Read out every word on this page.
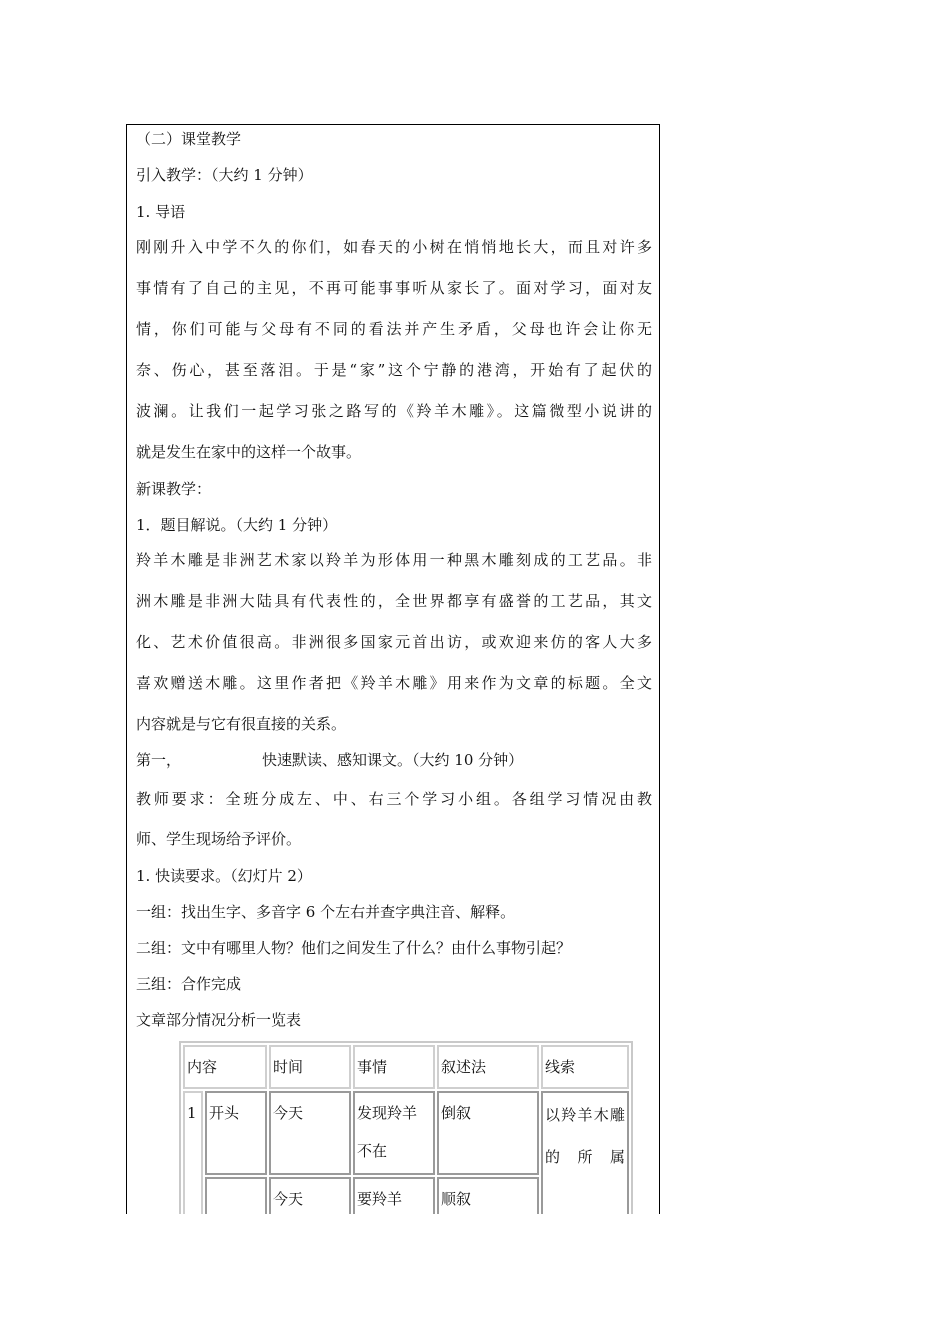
（二）课堂教学
引入教学：（大约 1 分钟）
1. 导语
刚刚升入中学不久的你们，如春天的小树在悄悄地长大，而且对许多
事情有了自己的主见，不再可能事事听从家长了。面对学习，面对友
情，你们可能与父母有不同的看法并产生矛盾，父母也许会让你无
奈、伤心，甚至落泪。于是“家”这个宁静的港湾，开始有了起伏的
波澜。让我们一起学习张之路写的《羚羊木雕》。这篇微型小说讲的
就是发生在家中的这样一个故事。
新课教学：
1．题目解说。（大约 1 分钟）
羚羊木雕是非洲艺术家以羚羊为形体用一种黑木雕刻成的工艺品。非
洲木雕是非洲大陆具有代表性的，全世界都享有盛誉的工艺品，其文
化、艺术价值很高。非洲很多国家元首出访，或欢迎来仿的客人大多
喜欢赠送木雕。这里作者把《羚羊木雕》用来作为文章的标题。全文
内容就是与它有很直接的关系。
第一，	快速默读、感知课文。（大约 10 分钟）
教师要求：全班分成左、中、右三个学习小组。各组学习情况由教
师、学生现场给予评价。
1. 快读要求。（幻灯片 2）
一组：找出生字、多音字 6 个左右并查字典注音、解释。
二组：文中有哪里人物？他们之间发生了什么？由什么事物引起？
三组：合作完成
文章部分情况分析一览表
内容		时间	事情	叙述法	线索
1	开头	今天	发现羚羊不在	倒叙	以羚羊木雕的所属
		今天	要羚羊	顺叙	
